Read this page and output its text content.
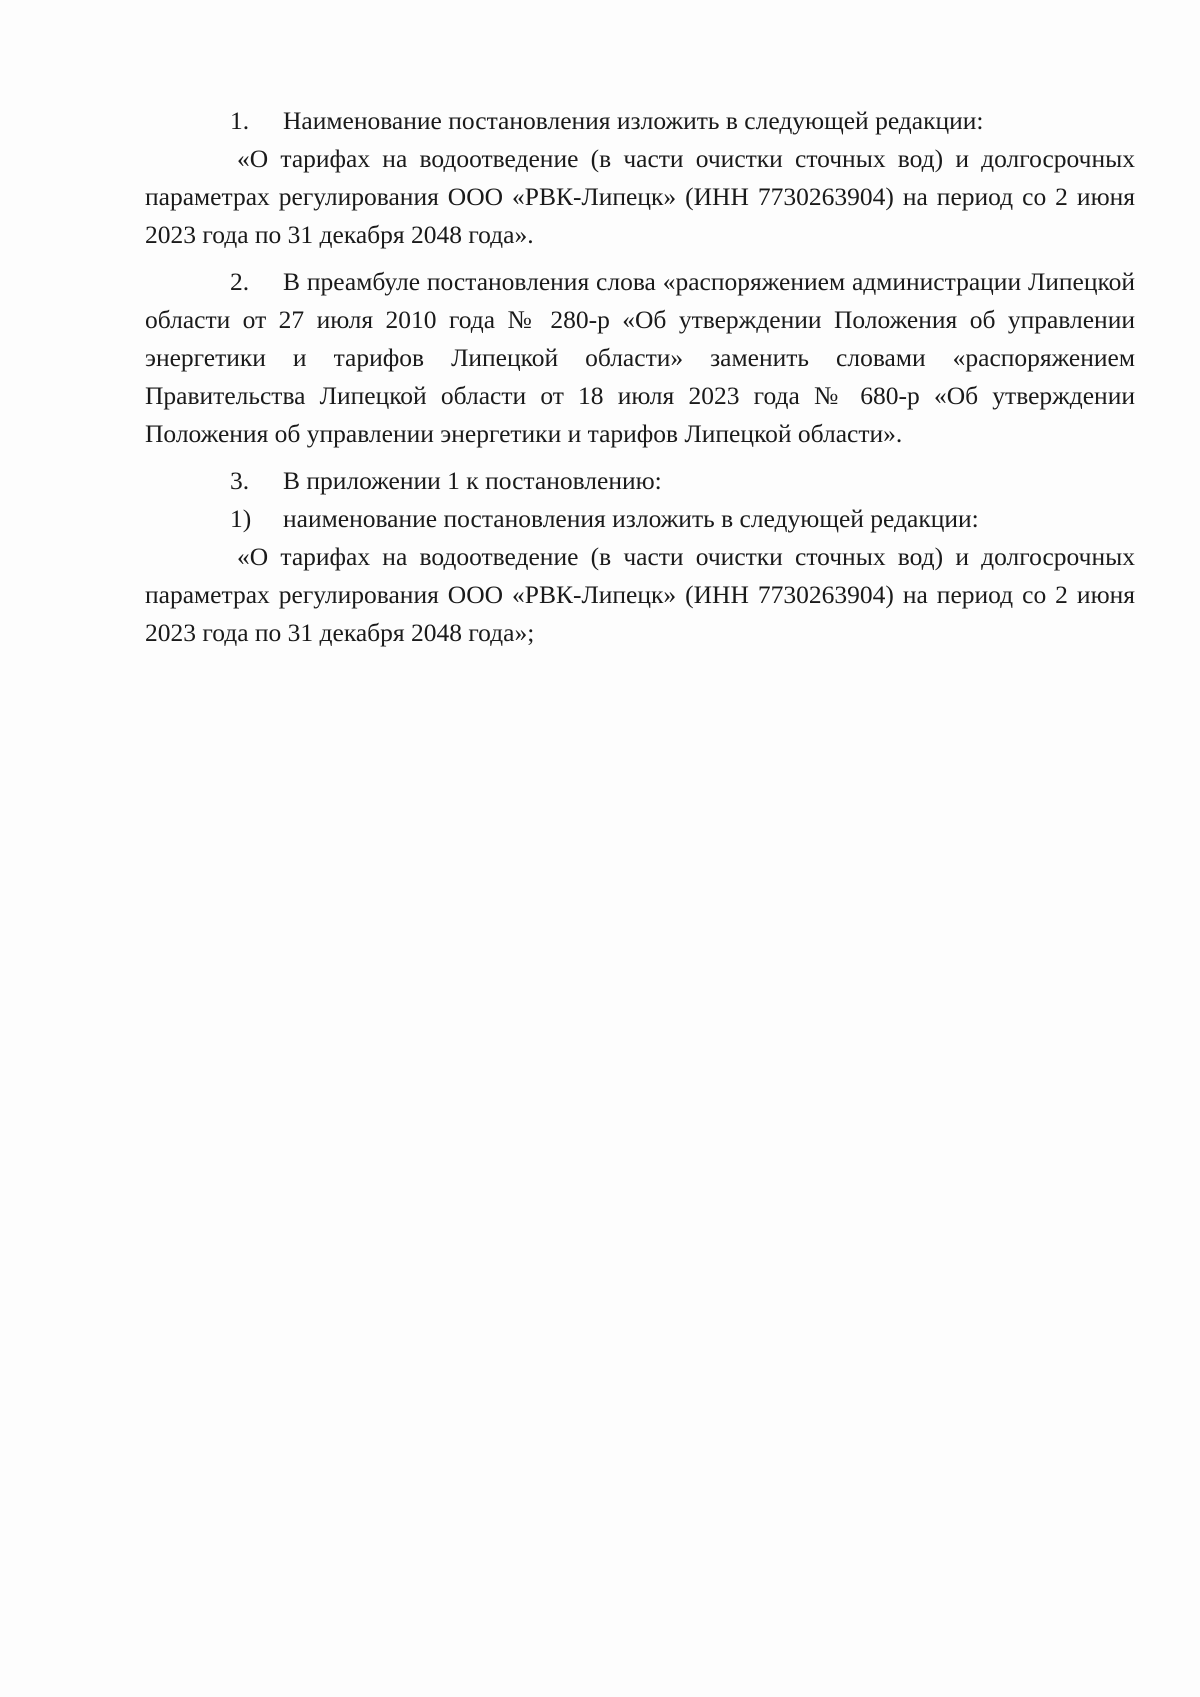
1.	Наименование постановления изложить в следующей редакции:

«О тарифах на водоотведение (в части очистки сточных вод) и долгосрочных параметрах регулирования ООО «РВК-Липецк» (ИНН 7730263904) на период со 2 июня 2023 года по 31 декабря 2048 года».

2. В преамбуле постановления слова «распоряжением администрации Липецкой области от 27 июля 2010 года № 280-р «Об утверждении Положения об управлении энергетики и тарифов Липецкой области» заменить словами «распоряжением Правительства Липецкой области от 18 июля 2023 года № 680-р «Об утверждении Положения об управлении энергетики и тарифов Липецкой области».

3.	В приложении 1 к постановлению:
1)	наименование постановления изложить в следующей редакции:

«О тарифах на водоотведение (в части очистки сточных вод) и долгосрочных параметрах регулирования ООО «РВК-Липецк» (ИНН 7730263904) на период со 2 июня 2023 года по 31 декабря 2048 года»;
